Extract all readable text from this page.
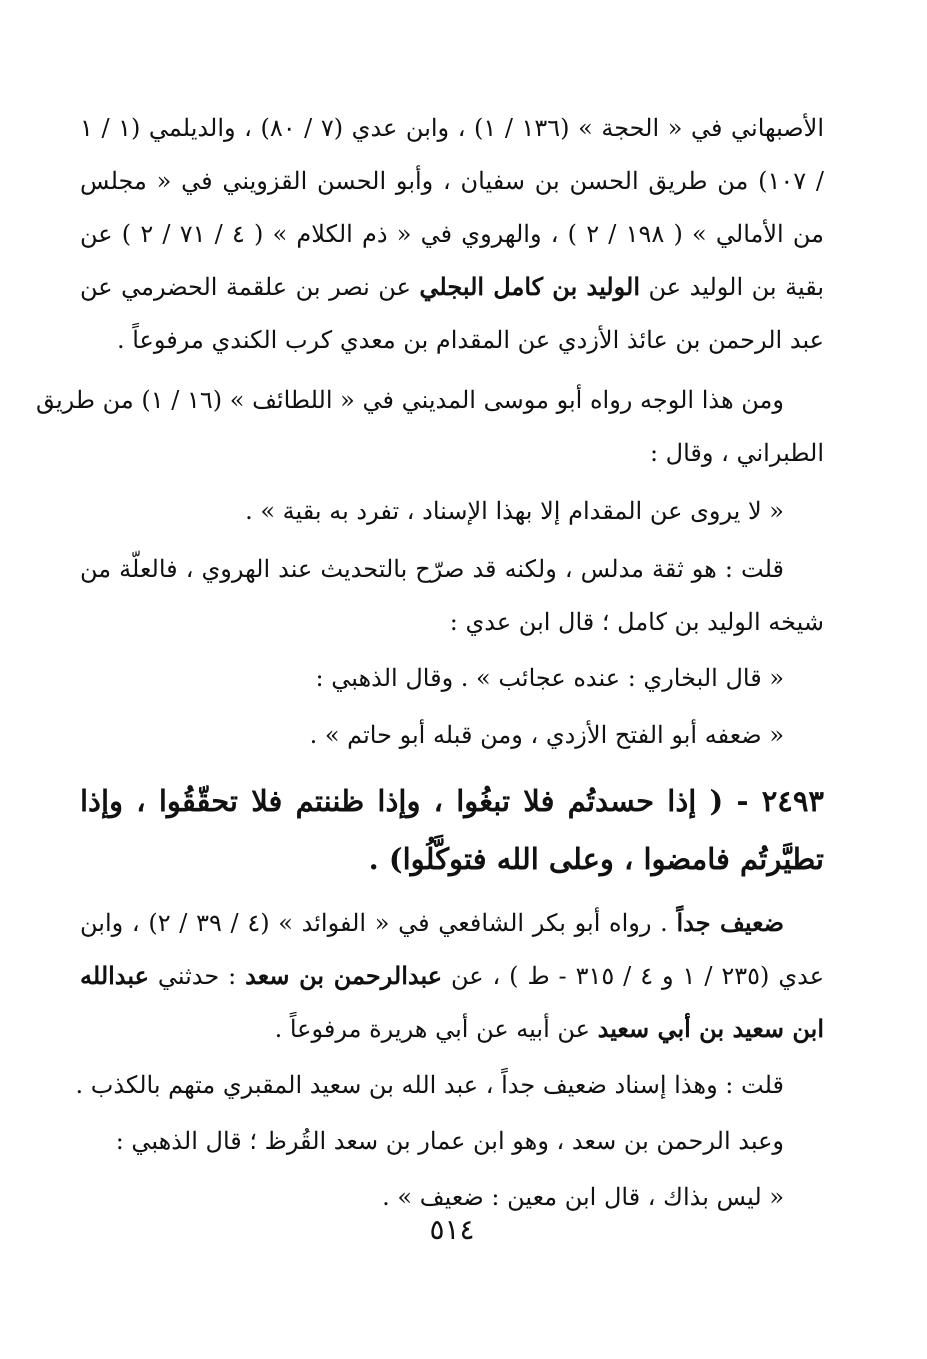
الأصبهاني في « الحجة » (١٣٦ / ١) ، وابن عدي (٧ / ٨٠) ، والديلمي (١ / ١
/ ١٠٧) من طريق الحسن بن سفيان ، وأبو الحسن القزويني في « مجلس
من الأمالي » ( ١٩٨ / ٢ ) ، والهروي في « ذم الكلام » ( ٤ / ٧١ / ٢ ) عن
بقية بن الوليد عن الوليد بن كامل البجلي عن نصر بن علقمة الحضرمي عن
عبد الرحمن بن عائذ الأزدي عن المقدام بن معدي كرب الكندي مرفوعاً .
ومن هذا الوجه رواه أبو موسى المديني في « اللطائف » (١٦ / ١) من طريق
الطبراني ، وقال :
« لا يروى عن المقدام إلا بهذا الإسناد ، تفرد به بقية » .
قلت : هو ثقة مدلس ، ولكنه قد صرّح بالتحديث عند الهروي ، فالعلّة من
شيخه الوليد بن كامل ؛ قال ابن عدي :
« قال البخاري : عنده عجائب » . وقال الذهبي :
« ضعفه أبو الفتح الأزدي ، ومن قبله أبو حاتم » .
٢٤٩٣ - ( إذا حسدتُم فلا تبغُوا ، وإذا ظننتم فلا تحقّقُوا ، وإذا
تطيَّرتُم فامضوا ، وعلى الله فتوكَّلُوا) .
ضعيف جداً . رواه أبو بكر الشافعي في « الفوائد » (٤ / ٣٩ / ٢) ، وابن
عدي (٢٣٥ / ١ و ٤ / ٣١٥ - ط ) ، عن عبدالرحمن بن سعد : حدثني عبدالله
ابن سعيد بن أبي سعيد عن أبيه عن أبي هريرة مرفوعاً .
قلت : وهذا إسناد ضعيف جداً ، عبد الله بن سعيد المقبري متهم بالكذب .
وعبد الرحمن بن سعد ، وهو ابن عمار بن سعد القُرظ ؛ قال الذهبي :
« ليس بذاك ، قال ابن معين : ضعيف » .
٥١٤
